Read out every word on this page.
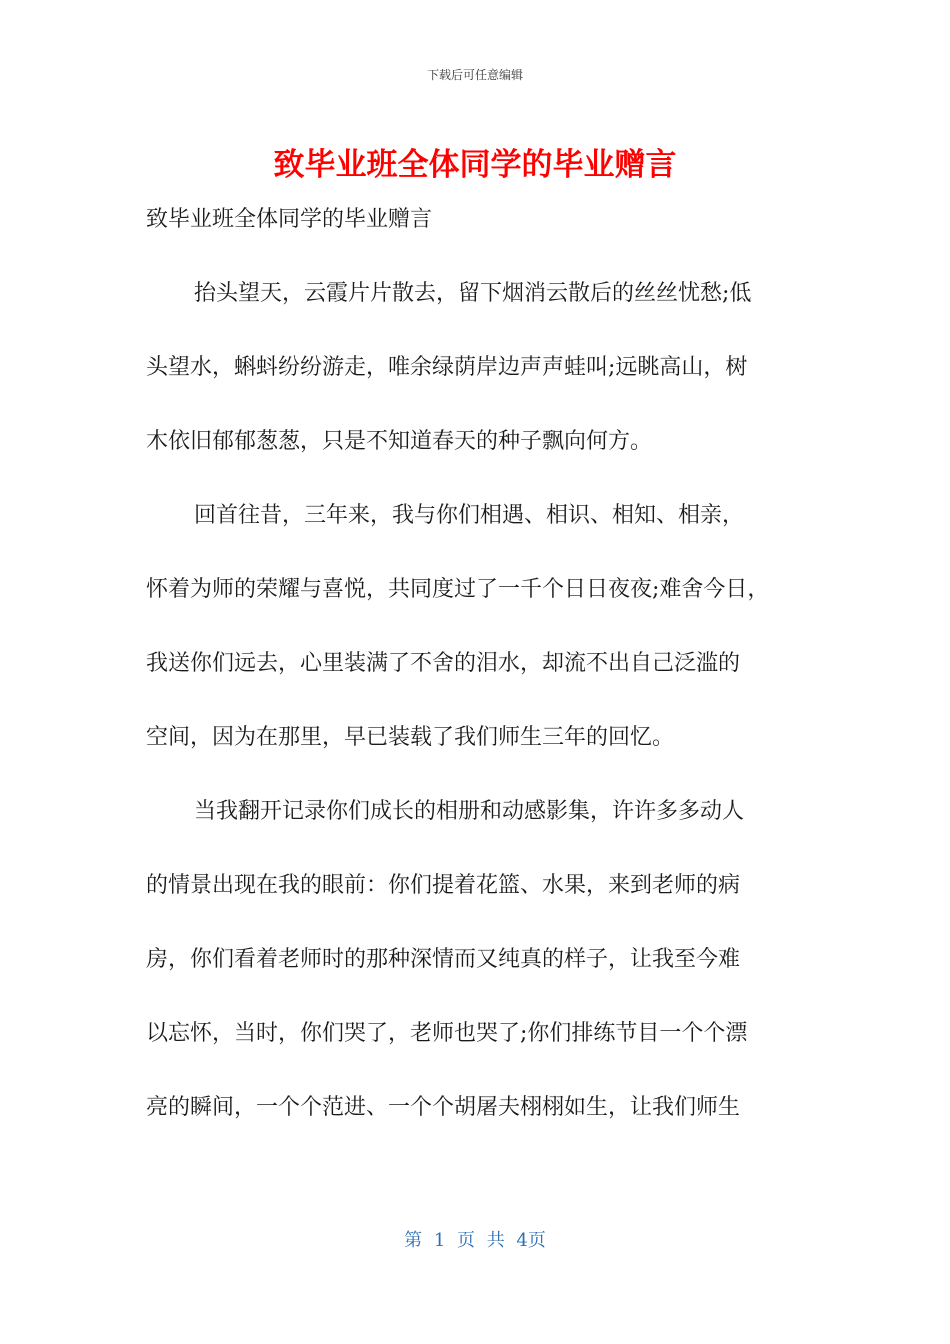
下载后可任意编辑
致毕业班全体同学的毕业赠言
致毕业班全体同学的毕业赠言
抬头望天，云霞片片散去，留下烟消云散后的丝丝忧愁;低
头望水，蝌蚪纷纷游走，唯余绿荫岸边声声蛙叫;远眺高山，树
木依旧郁郁葱葱，只是不知道春天的种子飘向何方。
回首往昔，三年来，我与你们相遇、相识、相知、相亲，
怀着为师的荣耀与喜悦，共同度过了一千个日日夜夜;难舍今日，
我送你们远去，心里装满了不舍的泪水，却流不出自己泛滥的
空间，因为在那里，早已装载了我们师生三年的回忆。
当我翻开记录你们成长的相册和动感影集，许许多多动人
的情景出现在我的眼前：你们提着花篮、水果，来到老师的病
房，你们看着老师时的那种深情而又纯真的样子，让我至今难
以忘怀，当时，你们哭了，老师也哭了;你们排练节目一个个漂
亮的瞬间，一个个范进、一个个胡屠夫栩栩如生，让我们师生
第 1 页 共 4页
